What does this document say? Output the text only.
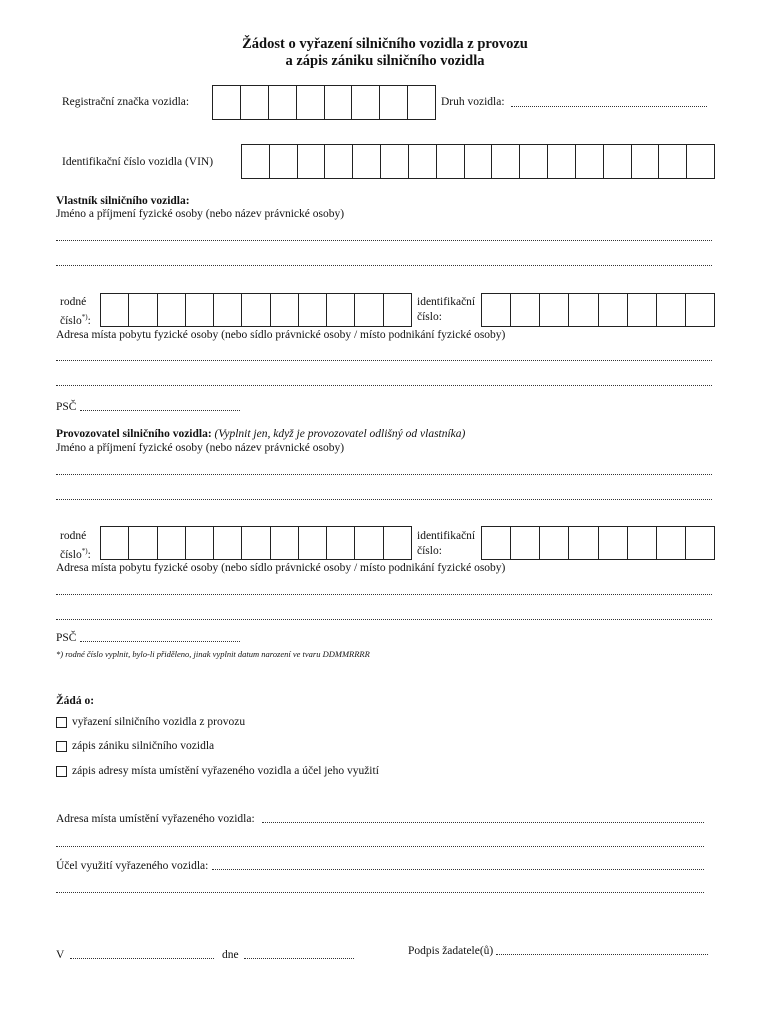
Žádost o vyřazení silničního vozidla z provozu
a zápis zániku silničního vozidla
Registrační značka vozidla:	Druh vozidla:
Identifikační číslo vozidla (VIN)
Vlastník silničního vozidla:
Jméno a příjmení fyzické osoby (nebo název právnické osoby)
rodné
číslo*):
identifikační
číslo:
Adresa místa pobytu fyzické osoby (nebo sídlo právnické osoby / místo podnikání fyzické osoby)
PSČ
Provozovatel silničního vozidla: (Vyplnit jen, když je provozovatel odlišný od vlastníka)
Jméno a příjmení fyzické osoby (nebo název právnické osoby)
rodné
číslo*):
identifikační
číslo:
Adresa místa pobytu fyzické osoby (nebo sídlo právnické osoby / místo podnikání fyzické osoby)
PSČ
*) rodné číslo vyplnit, bylo-li přiděleno, jinak vyplnit datum narození ve tvaru DDMMRRRR
Žádá o:
vyřazení silničního vozidla z provozu
zápis zániku silničního vozidla
zápis adresy místa umístění vyřazeného vozidla a účel jeho využití
Adresa místa umístění vyřazeného vozidla:
Účel využití vyřazeného vozidla:
V	dne	Podpis žadatele(ů)
